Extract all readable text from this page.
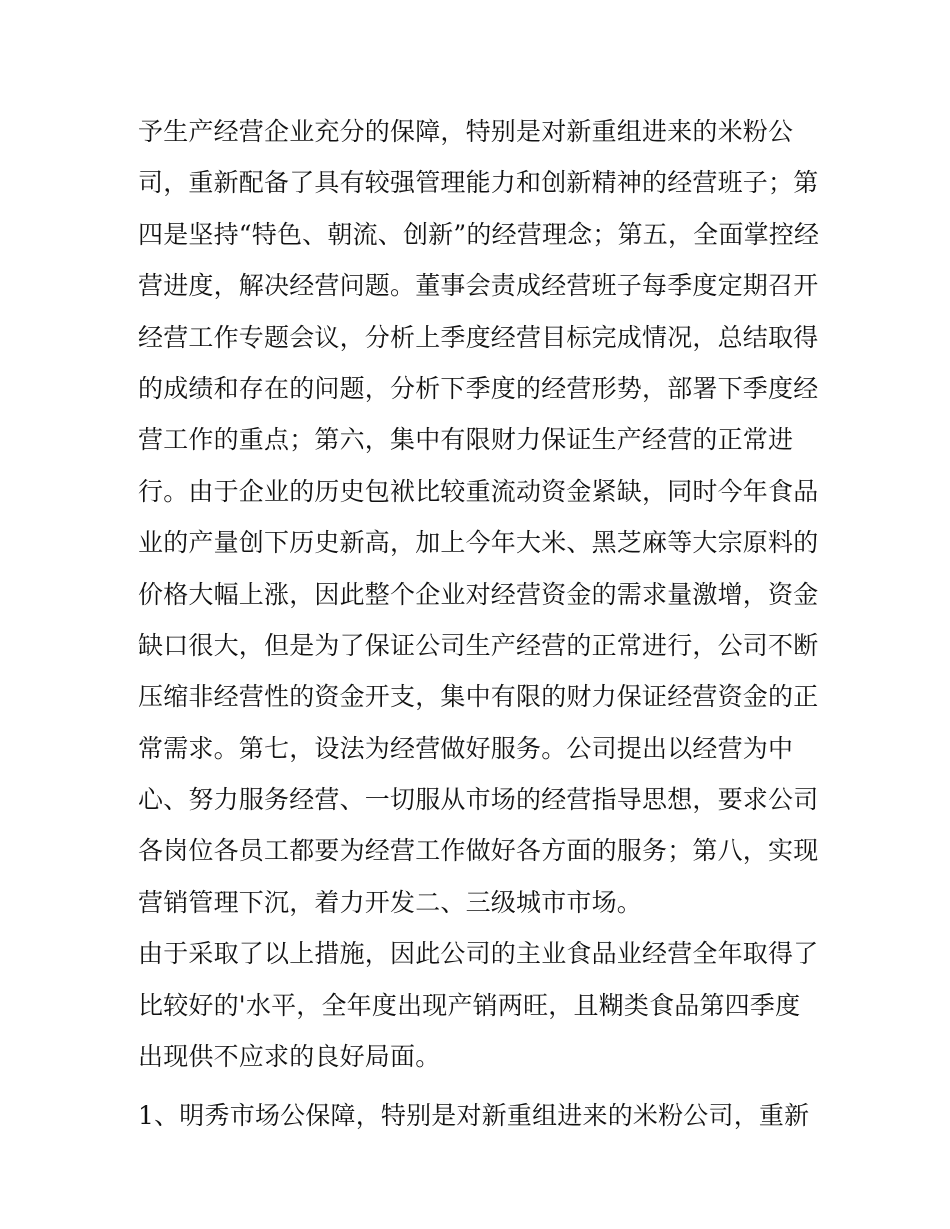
予生产经营企业充分的保障，特别是对新重组进来的米粉公
司，重新配备了具有较强管理能力和创新精神的经营班子；第
四是坚持“特色、朝流、创新”的经营理念；第五，全面掌控经
营进度，解决经营问题。董事会责成经营班子每季度定期召开
经营工作专题会议，分析上季度经营目标完成情况，总结取得
的成绩和存在的问题，分析下季度的经营形势，部署下季度经
营工作的重点；第六，集中有限财力保证生产经营的正常进
行。由于企业的历史包袱比较重流动资金紧缺，同时今年食品
业的产量创下历史新高，加上今年大米、黑芝麻等大宗原料的
价格大幅上涨，因此整个企业对经营资金的需求量激增，资金
缺口很大，但是为了保证公司生产经营的正常进行，公司不断
压缩非经营性的资金开支，集中有限的财力保证经营资金的正
常需求。第七，设法为经营做好服务。公司提出以经营为中
心、努力服务经营、一切服从市场的经营指导思想，要求公司
各岗位各员工都要为经营工作做好各方面的服务；第八，实现
营销管理下沉，着力开发二、三级城市市场。
由于采取了以上措施，因此公司的主业食品业经营全年取得了
比较好的'水平，全年度出现产销两旺，且糊类食品第四季度
出现供不应求的良好局面。
1、明秀市场公保障，特别是对新重组进来的米粉公司，重新
